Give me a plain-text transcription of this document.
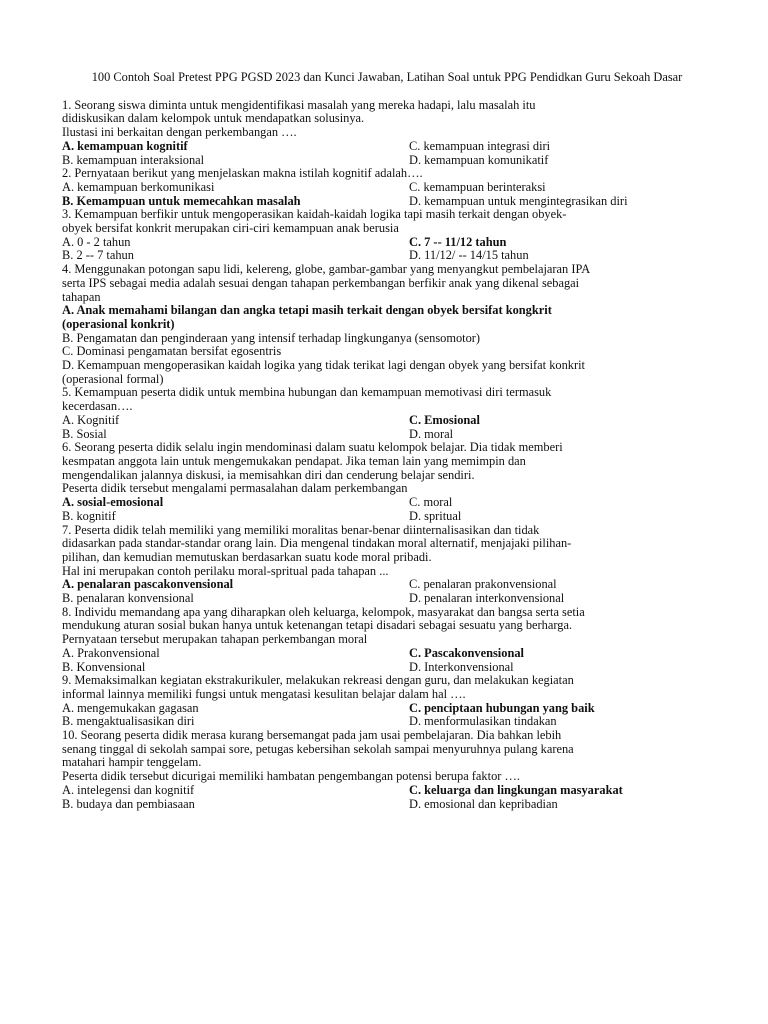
100 Contoh Soal Pretest PPG PGSD 2023 dan Kunci Jawaban, Latihan Soal untuk PPG Pendidkan Guru Sekoah Dasar
1. Seorang siswa diminta untuk mengidentifikasi masalah yang mereka hadapi, lalu masalah itu
didiskusikan dalam kelompok untuk mendapatkan solusinya.
Ilustasi ini berkaitan dengan perkembangan ….
A. kemampuan kognitif	C. kemampuan integrasi diri
B. kemampuan interaksional	D. kemampuan komunikatif
2. Pernyataan berikut yang menjelaskan makna istilah kognitif adalah….
A. kemampuan berkomunikasi	C. kemampuan berinteraksi
B. Kemampuan untuk memecahkan masalah	D. kemampuan untuk mengintegrasikan diri
3. Kemampuan berfikir untuk mengoperasikan kaidah-kaidah logika tapi masih terkait dengan obyek-
obyek bersifat konkrit merupakan ciri-ciri kemampuan anak berusia
A. 0 - 2 tahun	C. 7 -- 11/12 tahun
B. 2 -- 7 tahun	D. 11/12/ -- 14/15 tahun
4. Menggunakan potongan sapu lidi, kelereng, globe, gambar-gambar yang menyangkut pembelajaran IPA
serta IPS sebagai media adalah sesuai dengan tahapan perkembangan berfikir anak yang dikenal sebagai
tahapan
A. Anak memahami bilangan dan angka tetapi masih terkait dengan obyek bersifat kongkrit
(operasional konkrit)
B. Pengamatan dan penginderaan yang intensif terhadap lingkunganya (sensomotor)
C. Dominasi pengamatan bersifat egosentris
D. Kemampuan mengoperasikan kaidah logika yang tidak terikat lagi dengan obyek yang bersifat konkrit
(operasional formal)
5. Kemampuan peserta didik untuk membina hubungan dan kemampuan memotivasi diri termasuk
kecerdasan….
A. Kognitif	C. Emosional
B. Sosial	D. moral
6. Seorang peserta didik selalu ingin mendominasi dalam suatu kelompok belajar. Dia tidak memberi
kesmpatan anggota lain untuk mengemukakan pendapat. Jika teman lain yang memimpin dan
mengendalikan jalannya diskusi, ia memisahkan diri dan cenderung belajar sendiri.
Peserta didik tersebut mengalami permasalahan dalam perkembangan
A. sosial-emosional	C. moral
B. kognitif	D. spritual
7. Peserta didik telah memiliki yang memiliki moralitas benar-benar diinternalisasikan dan tidak
didasarkan pada standar-standar orang lain. Dia mengenal tindakan moral alternatif, menjajaki pilihan-
pilihan, dan kemudian memutuskan berdasarkan suatu kode moral pribadi.
Hal ini merupakan contoh perilaku moral-spritual pada tahapan ...
A. penalaran pascakonvensional	C. penalaran prakonvensional
B. penalaran konvensional	D. penalaran interkonvensional
8. Individu memandang apa yang diharapkan oleh keluarga, kelompok, masyarakat dan bangsa serta setia
mendukung aturan sosial bukan hanya untuk ketenangan tetapi disadari sebagai sesuatu yang berharga.
Pernyataan tersebut merupakan tahapan perkembangan moral
A. Prakonvensional	C. Pascakonvensional
B. Konvensional	D. Interkonvensional
9. Memaksimalkan kegiatan ekstrakurikuler, melakukan rekreasi dengan guru, dan melakukan kegiatan
informal lainnya memiliki fungsi untuk mengatasi kesulitan belajar dalam hal ….
A. mengemukakan gagasan	C. penciptaan hubungan yang baik
B. mengaktualisasikan diri	D. menformulasikan tindakan
10. Seorang peserta didik merasa kurang bersemangat pada jam usai pembelajaran. Dia bahkan lebih
senang tinggal di sekolah sampai sore, petugas kebersihan sekolah sampai menyuruhnya pulang karena
matahari hampir tenggelam.
Peserta didik tersebut dicurigai memiliki hambatan pengembangan potensi berupa faktor ….
A. intelegensi dan kognitif	C. keluarga dan lingkungan masyarakat
B. budaya dan pembiasaan	D. emosional dan kepribadian
